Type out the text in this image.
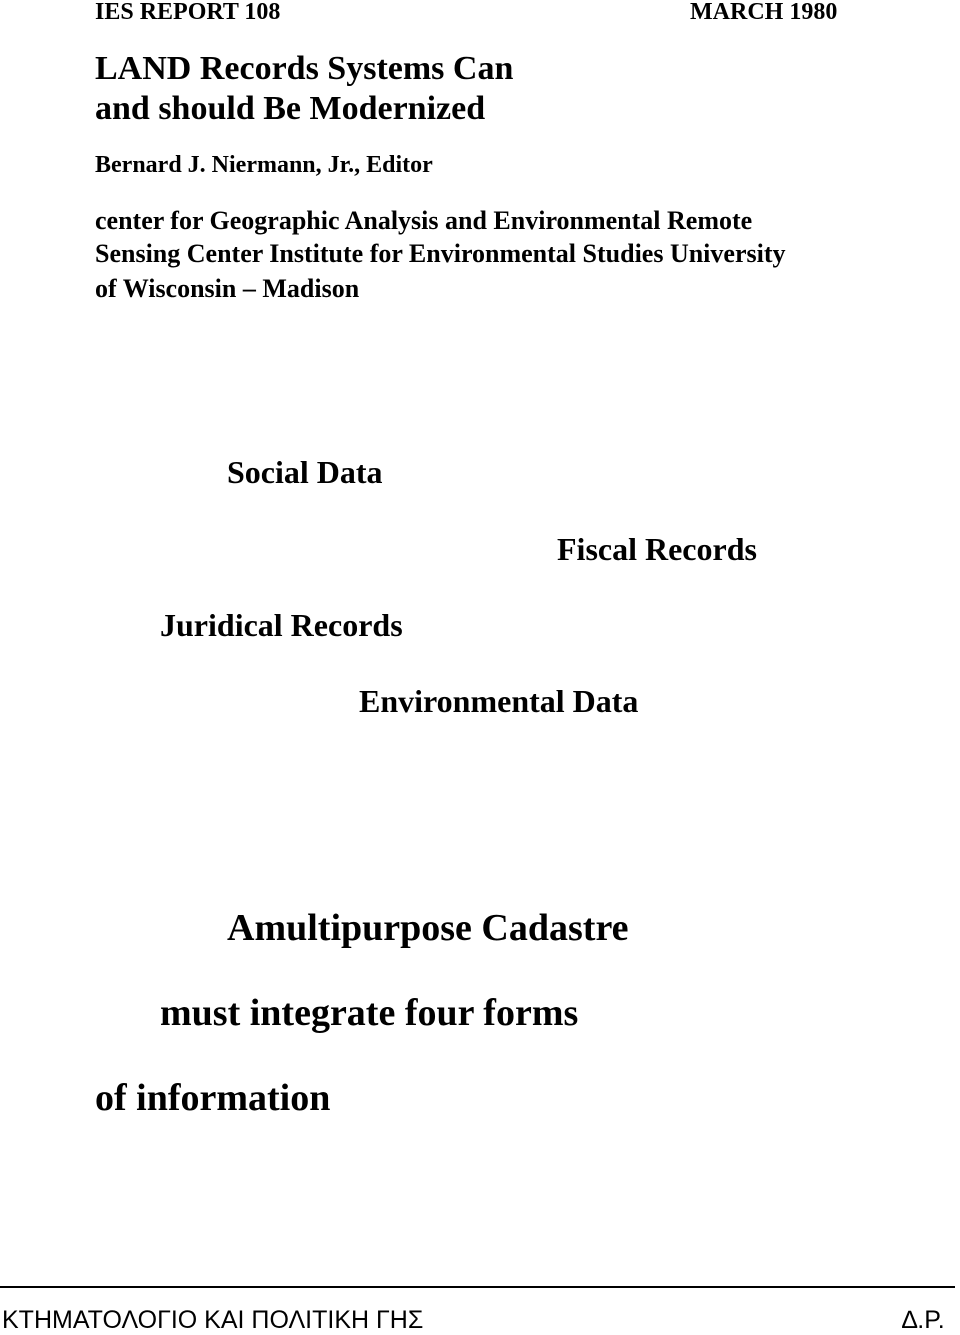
IES REPORT 108	MARCH 1980
LAND Records Systems Can
and should Be Modernized
Bernard J. Niermann, Jr., Editor
center for Geographic Analysis and Environmental Remote
Sensing Center Institute for Environmental Studies University
of Wisconsin – Madison
Social Data
Fiscal Records
Juridical Records
Environmental Data
Amultipurpose Cadastre
must integrate four forms
of information
ΚΤΗΜΑΤΟΛΟΓΙΟ ΚΑΙ ΠΟΛΙΤΙΚΗ ΓΗΣ	∆.Ρ.
